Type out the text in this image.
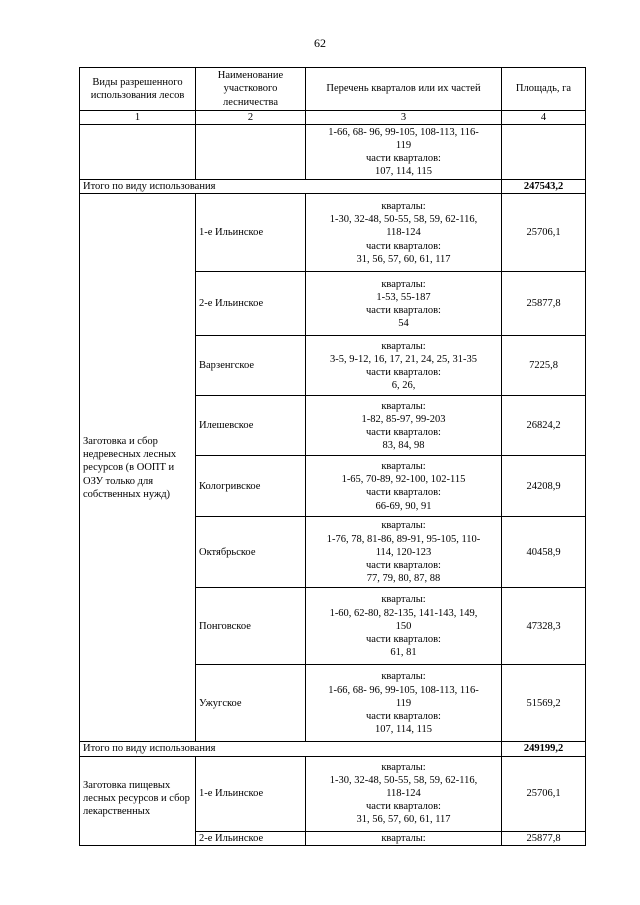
62
Виды разрешенного использования лесов	Наименование участкового лесничества	Перечень кварталов или их частей	Площадь, га
1	2	3	4

		1-66, 68- 96, 99-105, 108-113, 116-
119
части кварталов:
107, 114, 115	

Итого по виду использования			247543,2
Заготовка и сбор недревесных лесных ресурсов (в ООПТ и ОЗУ только для собственных нужд)	1-е Ильинское	кварталы:
1-30, 32-48, 50-55, 58, 59, 62-116,
118-124
части кварталов:
31, 56, 57, 60, 61, 117	25706,1
	2-е Ильинское	кварталы:
1-53, 55-187
части кварталов:
54	25877,8
	Варзенгское	кварталы:
3-5, 9-12, 16, 17, 21, 24, 25, 31-35
части кварталов:
6, 26,	7225,8
	Илешевское	кварталы:
1-82, 85-97, 99-203
части кварталов:
83, 84, 98	26824,2
	Кологривское	кварталы:
1-65, 70-89, 92-100, 102-115
части кварталов:
66-69, 90, 91	24208,9
	Октябрьское	кварталы:
1-76, 78, 81-86, 89-91, 95-105, 110-
114, 120-123
части кварталов:
77, 79, 80, 87, 88	40458,9
	Понговское	кварталы:
1-60, 62-80, 82-135, 141-143, 149,
150
части кварталов:
61, 81	47328,3
	Ужугское	кварталы:
1-66, 68- 96, 99-105, 108-113, 116-
119
части кварталов:
107, 114, 115	51569,2
Итого по виду использования			249199,2
Заготовка пищевых лесных ресурсов и сбор лекарственных	1-е Ильинское	кварталы:
1-30, 32-48, 50-55, 58, 59, 62-116,
118-124
части кварталов:
31, 56, 57, 60, 61, 117	25706,1
	2-е Ильинское	кварталы:	25877,8
